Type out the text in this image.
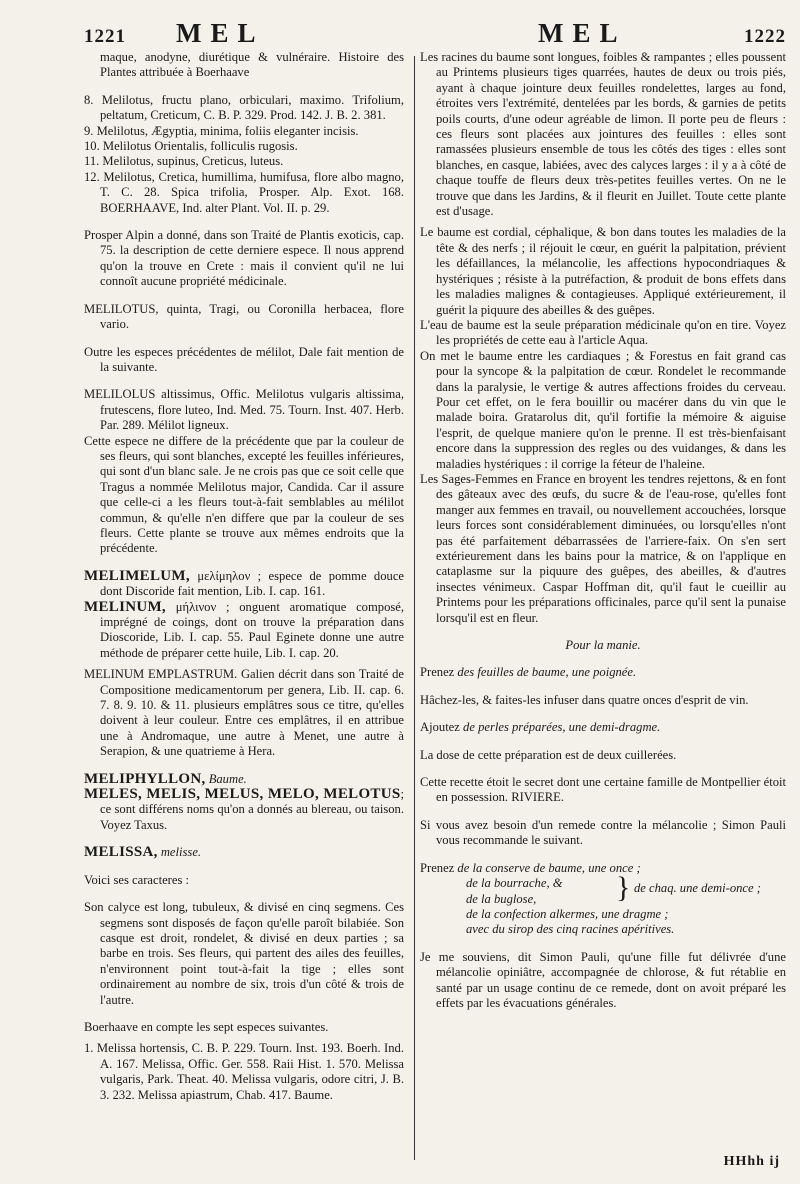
1221 MEL	MEL	1222

maque, anodyne, diurétique & vulnéraire. Histoire des Plantes attribuée à Boerhaave

8. Melilotus, fructu plano, orbiculari, maximo. Trifolium, peltatum, Creticum, C. B. P. 329. Prod. 142. J. B. 2. 381.

9. Melilotus, Ægyptia, minima, foliis eleganter incisis.

10. Melilotus Orientalis, folliculis rugosis.

11. Melilotus, supinus, Creticus, luteus.

12. Melilotus, Cretica, humillima, humifusa, flore albo magno, T. C. 28. Spica trifolia, Prosper. Alp. Exot. 168. BOERHAAVE, Ind. alter Plant. Vol. II. p. 29.

Prosper Alpin a donné, dans son Traité de Plantis exoticis, cap. 75. la description de cette derniere espece. Il nous apprend qu'on la trouve en Crete : mais il convient qu'il ne lui connoît aucune propriété médicinale.

MELILOTUS, quinta, Tragi, ou Coronilla herbacea, flore vario.

Outre les especes précédentes de mélilot, Dale fait mention de la suivante.

MELILOLUS altissimus, Offic. Melilotus vulgaris altissima, frutescens, flore luteo, Ind. Med. 75. Tourn. Inst. 407. Herb. Par. 289. Mélilot ligneux.

Cette espece ne differe de la précédente que par la couleur de ses fleurs, qui sont blanches, excepté les feuilles inférieures, qui sont d'un blanc sale. Je ne crois pas que ce soit celle que Tragus a nommée Melilotus major, Candida. Car il assure que celle-ci a les fleurs tout-à-fait semblables au mélilot commun, & qu'elle n'en differe que par la couleur de ses fleurs. Cette plante se trouve aux mêmes endroits que la précédente.

MELIMELUM, μελίμηλον ; espece de pomme douce dont Discoride fait mention, Lib. I. cap. 161.

MELINUM, μήλινον ; onguent aromatique composé, imprégné de coings, dont on trouve la préparation dans Dioscoride, Lib. I. cap. 55. Paul Eginete donne une autre méthode de préparer cette huile, Lib. I. cap. 20.

MELINUM EMPLASTRUM. Galien décrit dans son Traité de Compositione medicamentorum per genera, Lib. II. cap. 6. 7. 8. 9. 10. & 11. plusieurs emplâtres sous ce titre, qu'elles doivent à leur couleur. Entre ces emplâtres, il en attribue une à Andromaque, une autre à Menet, une autre à Serapion, & une quatrieme à Hera.

MELIPHYLLON, Baume.

MELES, MELIS, MELUS, MELO, MELOTUS; ce sont différens noms qu'on a donnés au blereau, ou taison. Voyez Taxus.

MELISSA, melisse.

Voici ses caracteres :

Son calyce est long, tubuleux, & divisé en cinq segmens. Ces segmens sont disposés de façon qu'elle paroît bilabiée. Son casque est droit, rondelet, & divisé en deux parties ; sa barbe en trois. Ses fleurs, qui partent des ailes des feuilles, n'environnent point tout-à-fait la tige ; elles sont ordinairement au nombre de six, trois d'un côté & trois de l'autre.

Boerhaave en compte les sept especes suivantes.

1. Melissa hortensis, C. B. P. 229. Tourn. Inst. 193. Boerh. Ind. A. 167. Melissa, Offic. Ger. 558. Raii Hist. 1. 570. Melissa vulgaris, Park. Theat. 40. Melissa vulgaris, odore citri, J. B. 3. 232. Melissa apiastrum, Chab. 417. Baume.

Les racines du baume sont longues, foibles & rampantes ; elles poussent au Printems plusieurs tiges quarrées, hautes de deux ou trois piés, ayant à chaque jointure deux feuilles rondelettes, larges au fond, étroites vers l'extrémité, dentelées par les bords, & garnies de petits poils courts, d'une odeur agréable de limon. Il porte peu de fleurs : ces fleurs sont placées aux jointures des feuilles : elles sont ramassées plusieurs ensemble de tous les côtés des tiges : elles sont blanches, en casque, labiées, avec des calyces larges : il y a à côté de chaque touffe de fleurs deux très-petites feuilles vertes. On ne le trouve que dans les Jardins, & il fleurit en Juillet. Toute cette plante est d'usage.

Le baume est cordial, céphalique, & bon dans toutes les maladies de la tête & des nerfs ; il réjouit le cœur, en guérit la palpitation, prévient les défaillances, la mélancolie, les affections hypocondriaques & hystériques ; résiste à la putréfaction, & produit de bons effets dans les maladies malignes & contagieuses. Appliqué extérieurement, il guérit la piquure des abeilles & des guêpes.

L'eau de baume est la seule préparation médicinale qu'on en tire. Voyez les propriétés de cette eau à l'article Aqua.

On met le baume entre les cardiaques ; & Forestus en fait grand cas pour la syncope & la palpitation de cœur. Rondelet le recommande dans la paralysie, le vertige & autres affections froides du cerveau. Pour cet effet, on le fera bouillir ou macérer dans du vin que le malade boira. Gratarolus dit, qu'il fortifie la mémoire & aiguise l'esprit, de quelque maniere qu'on le prenne. Il est très-bienfaisant encore dans la suppression des regles ou des vuidanges, & dans les maladies hystériques : il corrige la féteur de l'haleine.

Les Sages-Femmes en France en broyent les tendres rejettons, & en font des gâteaux avec des œufs, du sucre & de l'eau-rose, qu'elles font manger aux femmes en travail, ou nouvellement accouchées, lorsque leurs forces sont considérablement diminuées, ou lorsqu'elles n'ont pas été parfaitement débarrassées de l'arriere-faix. On s'en sert extérieurement dans les bains pour la matrice, & on l'applique en cataplasme sur la piquure des guêpes, des abeilles, & d'autres insectes vénimeux. Caspar Hoffman dit, qu'il faut le cueillir au Printems pour les préparations officinales, parce qu'il sent la punaise lorsqu'il est en fleur.

Pour la manie.

Prenez des feuilles de baume, une poignée.

Hâchez-les, & faites-les infuser dans quatre onces d'esprit de vin.

Ajoutez de perles préparées, une demi-dragme.

La dose de cette préparation est de deux cuillerées.

Cette recette étoit le secret dont une certaine famille de Montpellier étoit en possession. RIVIERE.

Si vous avez besoin d'un remede contre la mélancolie ; Simon Pauli vous recommande le suivant.

Prenez de la conserve de baume, une once ;
de la bourrache, &
de la buglose,	} de chaq. une demi-once ;
de la confection alkermes, une dragme ;
avec du sirop des cinq racines apéritives.

Je me souviens, dit Simon Pauli, qu'une fille fut délivrée d'une mélancolie opiniâtre, accompagnée de chlorose, & fut rétablie en santé par un usage continu de ce remede, dont on avoit préparé les effets par les évacuations générales.

HHhh ij
